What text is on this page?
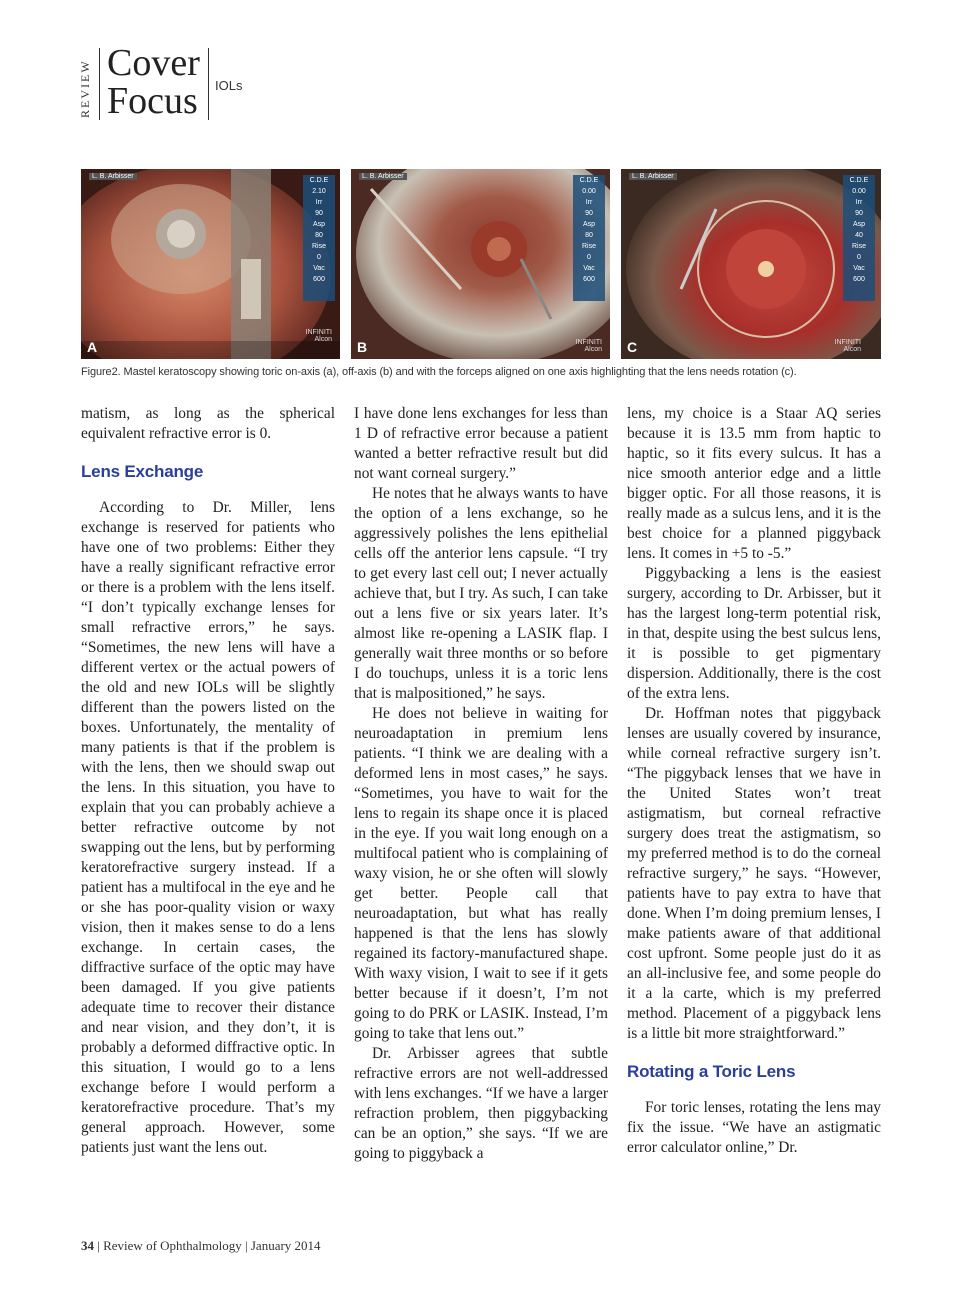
REVIEW Cover
Focus IOLs
L. B. Arbisser
C.D.E
2.10
Irr
90
Asp
80
Rise
0
Vac
600
INFINITI
Alcon
A
L. B. Arbisser
C.D.E
0.00
Irr
90
Asp
80
Rise
0
Vac
600
INFINITI
Alcon
B
L. B. Arbisser
C.D.E
0.00
Irr
90
Asp
40
Rise
0
Vac
600
INFINITI
Alcon
C
Figure2. Mastel keratoscopy showing toric on-axis (a), off-axis (b) and with the forceps aligned on one axis highlighting that the lens needs rotation (c).

matism, as long as the spherical equivalent refractive error is 0.

Lens Exchange

According to Dr. Miller, lens exchange is reserved for patients who have one of two problems: Either they have a really significant refractive error or there is a problem with the lens itself. “I don’t typically exchange lenses for small refractive errors,” he says. “Sometimes, the new lens will have a different vertex or the actual powers of the old and new IOLs will be slightly different than the powers listed on the boxes. Unfortunately, the mentality of many patients is that if the problem is with the lens, then we should swap out the lens. In this situation, you have to explain that you can probably achieve a better refractive outcome by not swapping out the lens, but by performing keratorefractive surgery instead. If a patient has a multifocal in the eye and he or she has poor-quality vision or waxy vision, then it makes sense to do a lens exchange. In certain cases, the diffractive surface of the optic may have been damaged. If you give patients adequate time to recover their distance and near vision, and they don’t, it is probably a deformed diffractive optic. In this situation, I would go to a lens exchange before I would perform a keratorefractive procedure. That’s my general approach. However, some patients just want the lens out.

I have done lens exchanges for less than 1 D of refractive error because a patient wanted a better refractive result but did not want corneal surgery.”

He notes that he always wants to have the option of a lens exchange, so he aggressively polishes the lens epithelial cells off the anterior lens capsule. “I try to get every last cell out; I never actually achieve that, but I try. As such, I can take out a lens five or six years later. It’s almost like re-opening a LASIK flap. I generally wait three months or so before I do touchups, unless it is a toric lens that is malpositioned,” he says.

He does not believe in waiting for neuroadaptation in premium lens patients. “I think we are dealing with a deformed lens in most cases,” he says. “Sometimes, you have to wait for the lens to regain its shape once it is placed in the eye. If you wait long enough on a multifocal patient who is complaining of waxy vision, he or she often will slowly get better. People call that neuroadaptation, but what has really happened is that the lens has slowly regained its factory-manufactured shape. With waxy vision, I wait to see if it gets better because if it doesn’t, I’m not going to do PRK or LASIK. Instead, I’m going to take that lens out.”

Dr. Arbisser agrees that subtle refractive errors are not well-addressed with lens exchanges. “If we have a larger refraction problem, then piggybacking can be an option,” she says. “If we are going to piggyback a

lens, my choice is a Staar AQ series because it is 13.5 mm from haptic to haptic, so it fits every sulcus. It has a nice smooth anterior edge and a little bigger optic. For all those reasons, it is really made as a sulcus lens, and it is the best choice for a planned piggyback lens. It comes in +5 to -5.”

Piggybacking a lens is the easiest surgery, according to Dr. Arbisser, but it has the largest long-term potential risk, in that, despite using the best sulcus lens, it is possible to get pigmentary dispersion. Additionally, there is the cost of the extra lens.

Dr. Hoffman notes that piggyback lenses are usually covered by insurance, while corneal refractive surgery isn’t. “The piggyback lenses that we have in the United States won’t treat astigmatism, but corneal refractive surgery does treat the astigmatism, so my preferred method is to do the corneal refractive surgery,” he says. “However, patients have to pay extra to have that done. When I’m doing premium lenses, I make patients aware of that additional cost upfront. Some people just do it as an all-inclusive fee, and some people do it a la carte, which is my preferred method. Placement of a piggyback lens is a little bit more straightforward.”

Rotating a Toric Lens

For toric lenses, rotating the lens may fix the issue. “We have an astigmatic error calculator online,” Dr.

34 | Review of Ophthalmology | January 2014
